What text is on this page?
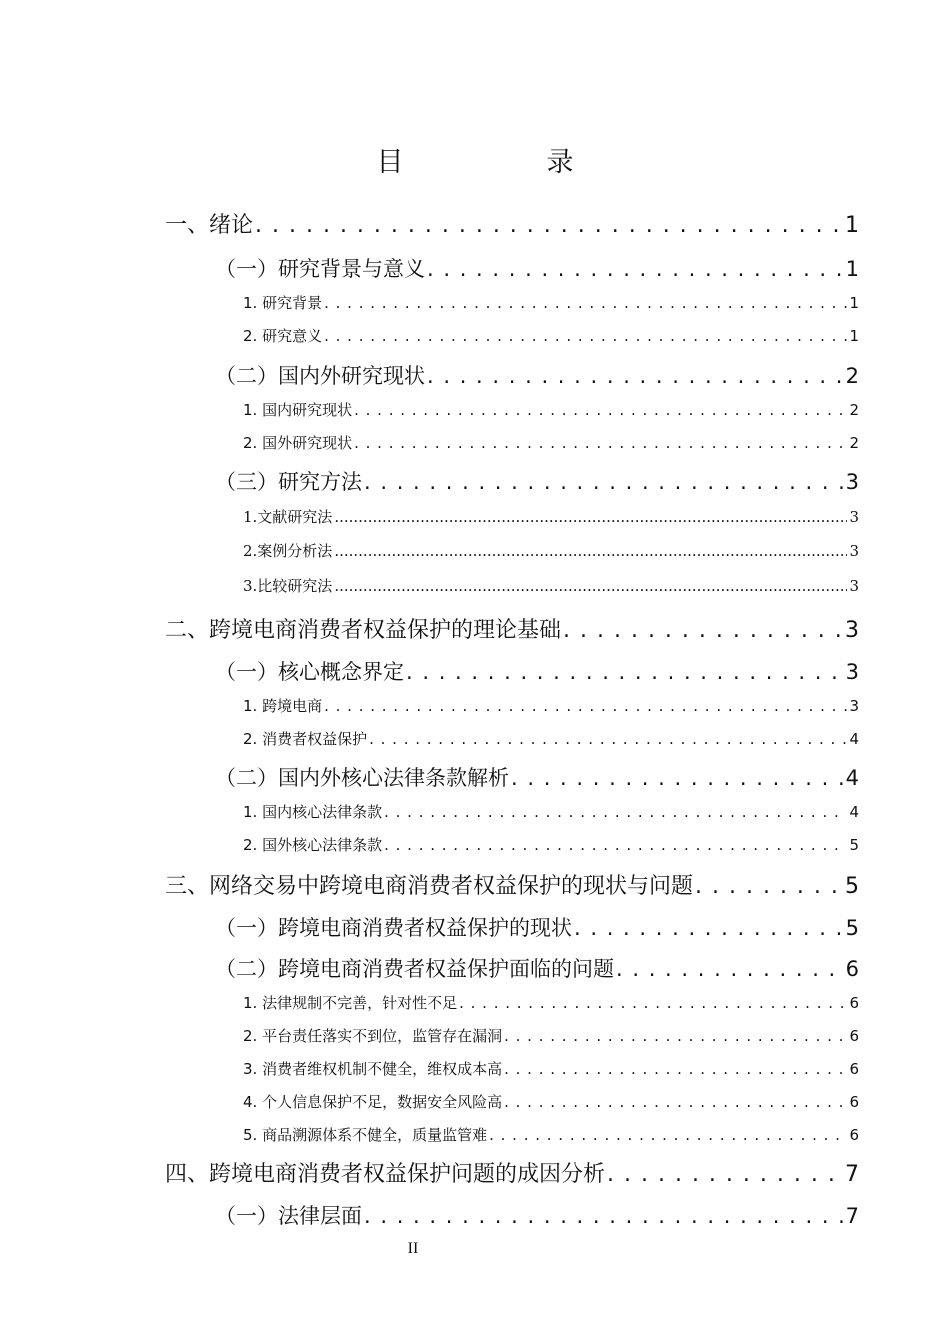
目　录
一、绪论 . . .	1
（一）研究背景与意义 . . .	1
1. 研究背景 . . .	1
2. 研究意义 . . .	1
（二）国内外研究现状 . . .	2
1. 国内研究现状 . . .	2
2. 国外研究现状 . . .	2
（三）研究方法 . . .	3
1.文献研究法 .....	3
2.案例分析法 .....	3
3.比较研究法 .....	3
二、跨境电商消费者权益保护的理论基础 . . .	3
（一）核心概念界定 . . .	3
1. 跨境电商 . . .	3
2. 消费者权益保护 . . .	4
（二）国内外核心法律条款解析 . . .	4
1. 国内核心法律条款 . . .	4
2. 国外核心法律条款 . . .	5
三、网络交易中跨境电商消费者权益保护的现状与问题 . . .	5
（一）跨境电商消费者权益保护的现状 . . .	5
（二）跨境电商消费者权益保护面临的问题 . . .	6
1. 法律规制不完善，针对性不足 . . .	6
2. 平台责任落实不到位，监管存在漏洞 . . .	6
3. 消费者维权机制不健全，维权成本高 . . .	6
4. 个人信息保护不足，数据安全风险高 . . .	6
5. 商品溯源体系不健全，质量监管难 . . .	6
四、跨境电商消费者权益保护问题的成因分析 . . .	7
（一）法律层面 . . .	7
II
